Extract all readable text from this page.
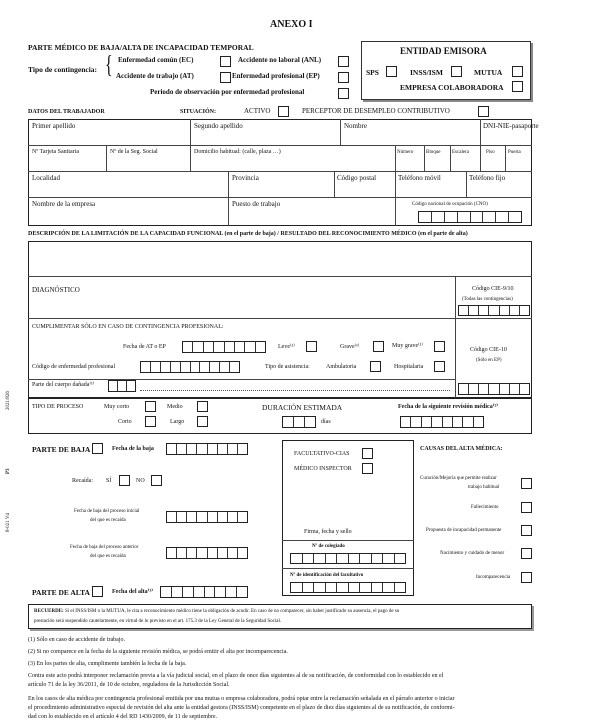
ANEXO I
PARTE MÉDICO DE BAJA/ALTA DE INCAPACIDAD TEMPORAL
Tipo de contingencia: { Enfermedad común (EC)
Accidente de trabajo (AT)
Accidente no laboral (ANL)
Enfermedad profesional (EP)
Periodo de observación por enfermedad profesional
ENTIDAD EMISORA
SPS	INSS/ISM	MUTUA
EMPRESA COLABORADORA
DATOS DEL TRABAJADOR	SITUACIÓN:	ACTIVO	PERCEPTOR DE DESEMPLEO CONTRIBUTIVO
Primer apellido	Segundo apellido	Nombre	DNI-NIE-pasaporte
Nº Tarjeta Sanitaria	Nº de la Seg. Social	Domicilio habitual: (calle, plaza …)	Número	Bloque Escalera	Piso	Puerta
Localidad	Provincia	Código postal	Teléfono móvil	Teléfono fijo
Nombre de la empresa	Puesto de trabajo	Código nacional de ocupación (CNO)
DESCRIPCIÓN DE LA LIMITACIÓN DE LA CAPACIDAD FUNCIONAL (en el parte de baja) / RESULTADO DEL RECONOCIMIENTO MÉDICO (en el parte de alta)
DIAGNÓSTICO	Código CIE-9/10
(Todas las contingencias)
CUMPLIMENTAR SÓLO EN CASO DE CONTINGENCIA PROFESIONAL:
Fecha de AT o EP	Leve⁽¹⁾	Grave⁽¹⁾	Muy grave⁽¹⁾
Código CIE-10
(Sólo en EP)
Código de enfermedad profesional	Tipo de asistencia:	Ambulatoria	Hospitalaria
Parte del cuerpo dañada⁽¹⁾
TIPO DE PROCESO	Muy corto	Medio
Corto	Largo
DURACIÓN ESTIMADA
días
Fecha de la siguiente revisión médica⁽²⁾
2021/826
P3
8-021 V4
PARTE DE BAJA	Fecha de la baja
Recaída: SÍ	NO
Fecha de baja del proceso inicial
del que es recaída
Fecha de baja del proceso anterior
del que es recaída
FACULTATIVO-CIAS
MÉDICO INSPECTOR
Firma, fecha y sello
Nº de colegiado
Nº de identificación del facultativo
CAUSAS DEL ALTA MÉDICA:
Curación/Mejoría que permite realizar
trabajo habitual
Fallecimiento
Propuesta de incapacidad permanente
Nacimiento y cuidado de menor
Incomparecencia
PARTE DE ALTA	Fecha del alta⁽³⁾
RECUERDE: Si el INSS/ISM o la MUTUA, le cita a reconocimiento médico tiene la obligación de acudir. En caso de no comparecer, sin haber justificado su ausencia, el pago de su
prestación será suspendido cautelarmente, en virtud de lo previsto en el art. 175.3 de la Ley General de la Seguridad Social.
(1) Sólo en caso de accidente de trabajo.
(2) Si no comparece en la fecha de la siguiente revisión médica, se podrá emitir el alta por incomparecencia.
(3) En los partes de alta, cumplimente también la fecha de la baja.
Contra este acto podrá interponer reclamación previa a la vía judicial social, en el plazo de once días siguientes al de su notificación, de conformidad con lo establecido en el
artículo 71 de la ley 36/2011, de 10 de octubre, reguladora de la Jurisdicción Social.
En los casos de alta médica por contingencia profesional emitida por una mutua o empresa colaboradora, podrá optar entre la reclamación señalada en el párrafo anterior o iniciar
el procedimiento administrativo especial de revisión del alta ante la entidad gestora (INSS/ISM) competente en el plazo de diez días siguientes al de su notificación, de conformi-
dad con lo establecido en el artículo 4 del RD 1430/2009, de 11 de septiembre.
